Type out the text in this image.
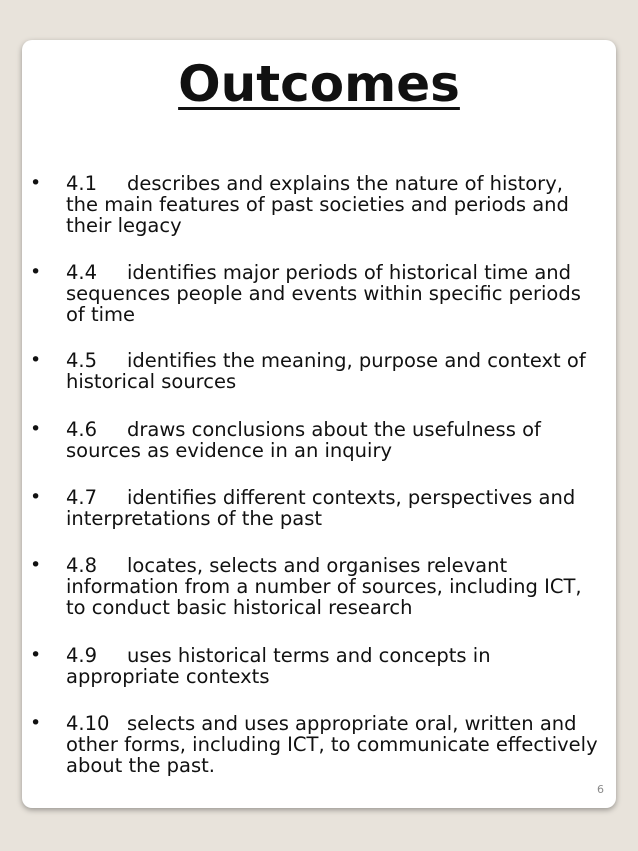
Outcomes
• 4.1 describes and explains the nature of history, the main features of past societies and periods and their legacy
• 4.4 identifies major periods of historical time and sequences people and events within specific periods of time
• 4.5 identifies the meaning, purpose and context of historical sources
• 4.6 draws conclusions about the usefulness of sources as evidence in an inquiry
• 4.7 identifies different contexts, perspectives and interpretations of the past
• 4.8 locates, selects and organises relevant information from a number of sources, including ICT, to conduct basic historical research
• 4.9 uses historical terms and concepts in appropriate contexts
• 4.10 selects and uses appropriate oral, written and other forms, including ICT, to communicate effectively about the past.
6
